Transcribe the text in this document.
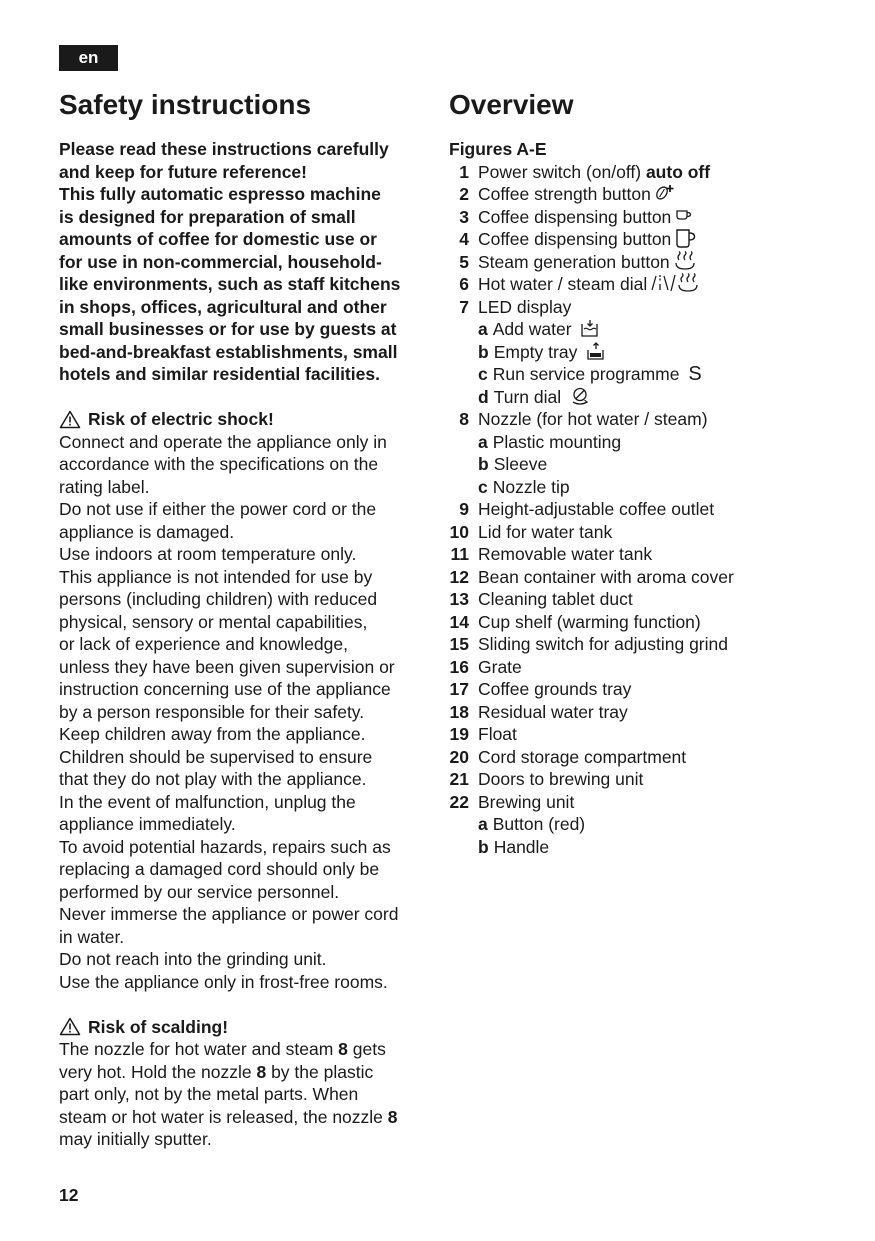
en
Safety instructions	Overview

Please read these instructions carefully

and keep for future reference!

This fully automatic espresso machine

is designed for preparation of small

amounts of coffee for domestic use or

for use in non-commercial, household-

like environments, such as staff kitchens

in shops, offices, agricultural and other

small businesses or for use by guests at

bed-and-breakfast establishments, small

hotels and similar residential facilities.

Risk of electric shock!

Connect and operate the appliance only in

accordance with the specifications on the

rating label.

Do not use if either the power cord or the

appliance is damaged.

Use indoors at room temperature only.

This appliance is not intended for use by

persons (including children) with reduced

physical, sensory or mental capabilities,

or lack of experience and knowledge,

unless they have been given supervision or

instruction concerning use of the appliance

by a person responsible for their safety.

Keep children away from the appliance.

Children should be supervised to ensure

that they do not play with the appliance.

In the event of malfunction, unplug the

appliance immediately.

To avoid potential hazards, repairs such as

replacing a damaged cord should only be

performed by our service personnel.

Never immerse the appliance or power cord

in water.

Do not reach into the grinding unit.

Use the appliance only in frost-free rooms.

Risk of scalding!

The nozzle for hot water and steam 8 gets

very hot. Hold the nozzle 8 by the plastic

part only, not by the metal parts. When

steam or hot water is released, the nozzle 8

may initially sputter.

Figures A-E
1 Power switch (on/off) auto off
2 Coffee strength button
3 Coffee dispensing button
4 Coffee dispensing button
5 Steam generation button
6 Hot water / steam dial
7 LED display
a Add water
b Empty tray
c Run service programme S
d Turn dial
8 Nozzle (for hot water / steam)
a Plastic mounting
b Sleeve
c Nozzle tip
9 Height-adjustable coffee outlet
10 Lid for water tank
11 Removable water tank
12 Bean container with aroma cover
13 Cleaning tablet duct
14 Cup shelf (warming function)
15 Sliding switch for adjusting grind
16 Grate
17 Coffee grounds tray
18 Residual water tray
19 Float
20 Cord storage compartment
21 Doors to brewing unit
22 Brewing unit
a Button (red)
b Handle
12
